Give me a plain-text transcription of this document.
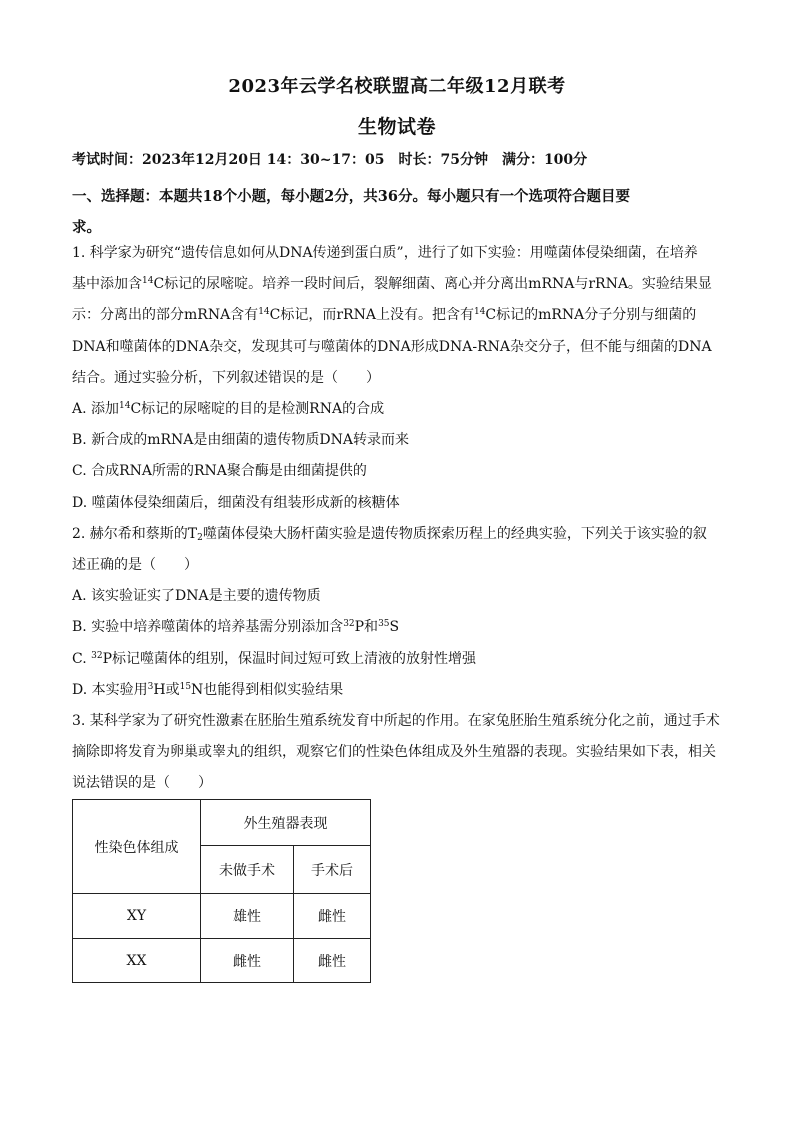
2023年云学名校联盟高二年级12月联考
生物试卷
考试时间：2023年12月20日 14：30~17：05　时长：75分钟　满分：100分
一、选择题：本题共18个小题，每小题2分，共36分。每小题只有一个选项符合题目要
求。
1. 科学家为研究“遗传信息如何从DNA传递到蛋白质”，进行了如下实验：用噬菌体侵染细菌，在培养
基中添加含$^{14}$C标记的尿嘧啶。培养一段时间后，裂解细菌、离心并分离出mRNA与rRNA。实验结果显
示：分离出的部分mRNA含有$^{14}$C标记，而rRNA上没有。把含有$^{14}$C标记的mRNA分子分别与细菌的
DNA和噬菌体的DNA杂交，发现其可与噬菌体的DNA形成DNA-RNA杂交分子，但不能与细菌的DNA
结合。通过实验分析，下列叙述错误的是（　　）
A. 添加$^{14}$C标记的尿嘧啶的目的是检测RNA的合成
B. 新合成的mRNA是由细菌的遗传物质DNA转录而来
C. 合成RNA所需的RNA聚合酶是由细菌提供的
D. 噬菌体侵染细菌后，细菌没有组装形成新的核糖体
2. 赫尔希和蔡斯的$T_2$噬菌体侵染大肠杆菌实验是遗传物质探索历程上的经典实验，下列关于该实验的叙
述正确的是（　　）
A. 该实验证实了DNA是主要的遗传物质
B. 实验中培养噬菌体的培养基需分别添加含$^{32}$P和$^{35}$S
C. $^{32}$P标记噬菌体的组别，保温时间过短可致上清液的放射性增强
D. 本实验用$^3$H或$^{15}$N也能得到相似实验结果
3. 某科学家为了研究性激素在胚胎生殖系统发育中所起的作用。在家兔胚胎生殖系统分化之前，通过手术
摘除即将发育为卵巢或睾丸的组织，观察它们的性染色体组成及外生殖器的表现。实验结果如下表，相关
说法错误的是（　　）
性染色体组成	外生殖器表现	
	未做手术	手术后
XY	雄性	雌性
XX	雌性	雌性
